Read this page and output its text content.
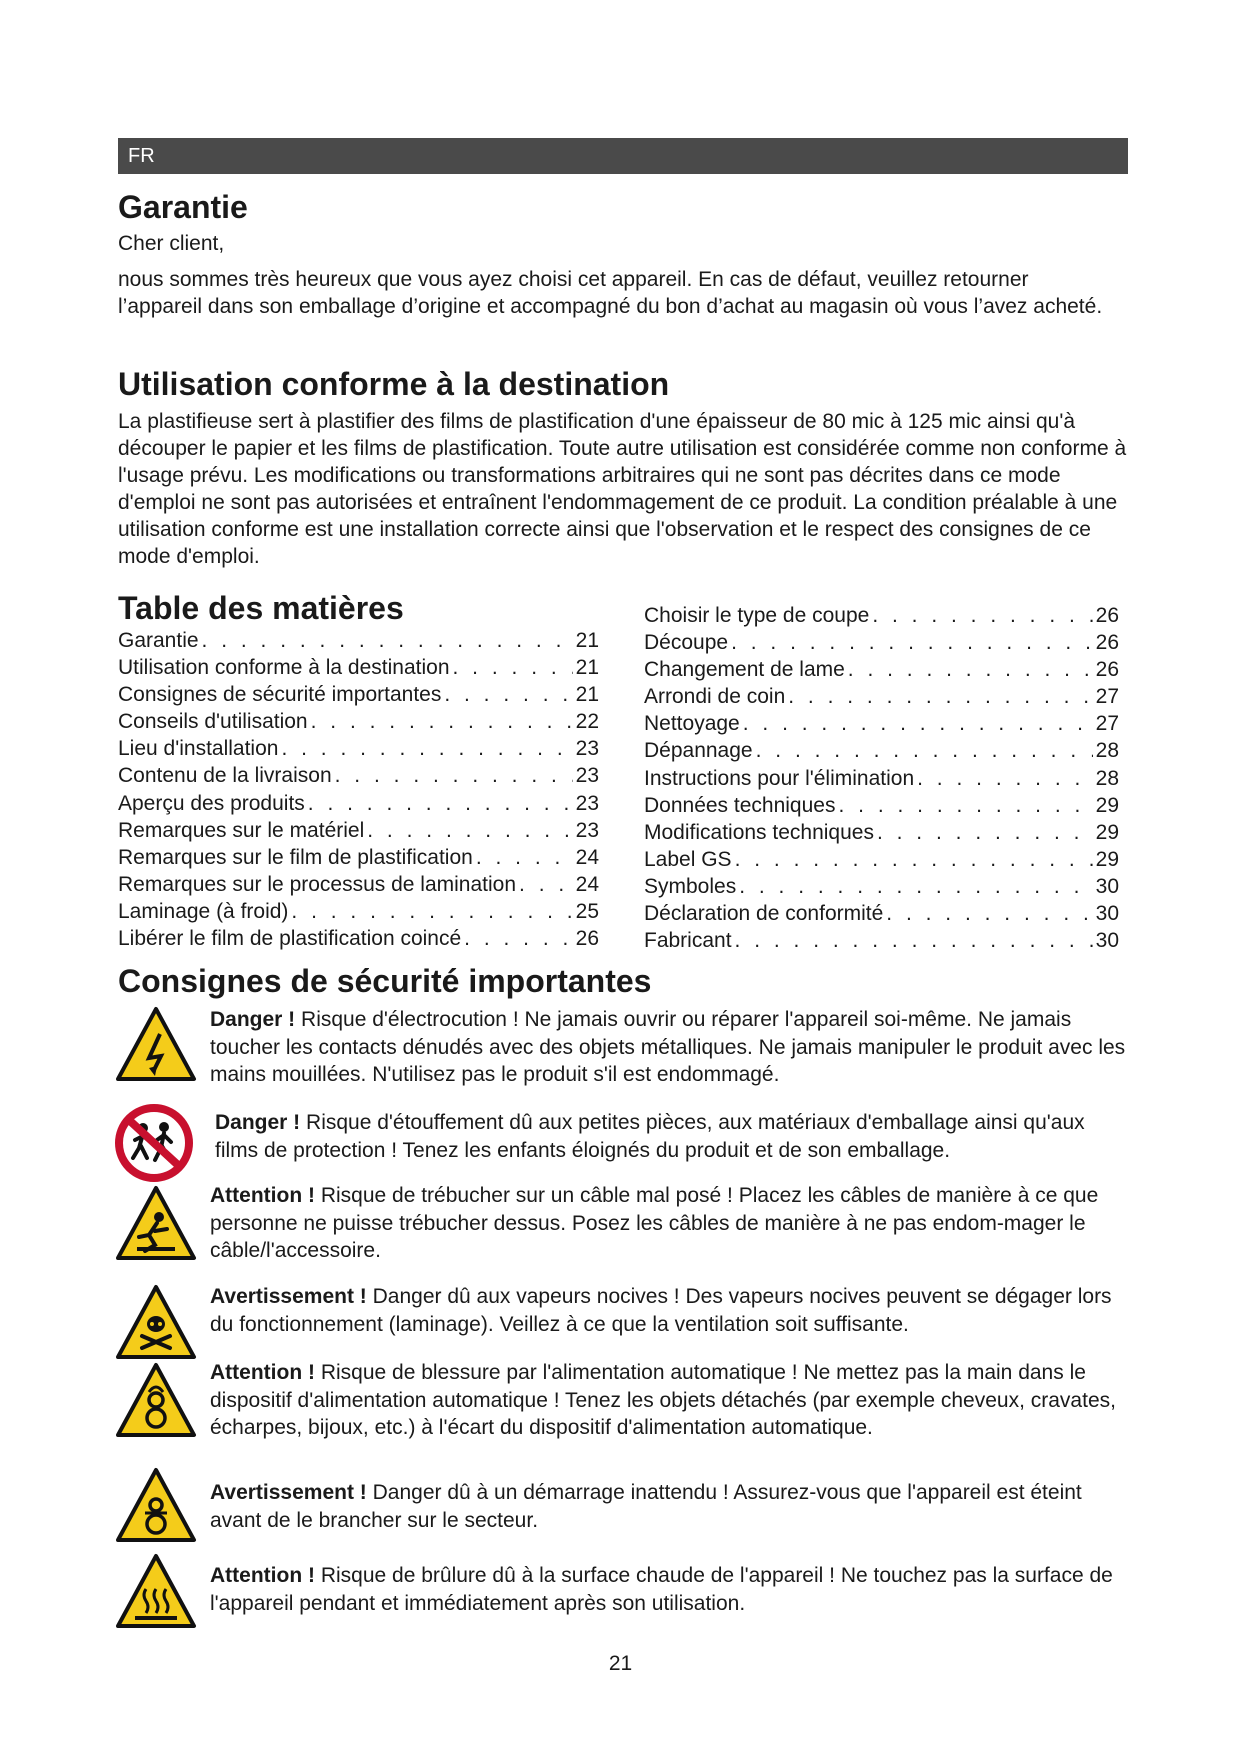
FR
Garantie

Cher client,

nous sommes très heureux que vous ayez choisi cet appareil. En cas de défaut, veuillez retourner l’appareil dans son emballage d’origine et accompagné du bon d’achat au magasin où vous l’avez acheté.

Utilisation conforme à la destination

La plastifieuse sert à plastifier des films de plastification d'une épaisseur de 80 mic à 125 mic ainsi qu'à découper le papier et les films de plastification. Toute autre utilisation est considérée comme non conforme à l'usage prévu. Les modifications ou transformations arbitraires qui ne sont pas décrites dans ce mode d'emploi ne sont pas autorisées et entraînent l'endommagement de ce produit. La condition préalable à une utilisation conforme est une installation correcte ainsi que l'observation et le respect des consignes de ce mode d'emploi.

Table des matières
Garantie . . .	21
Utilisation conforme à la destination . . .	21
Consignes de sécurité importantes . . .	21
Conseils d'utilisation . . .	22
Lieu d'installation . . .	23
Contenu de la livraison . . .	23
Aperçu des produits . . .	23
Remarques sur le matériel . . .	23
Remarques sur le film de plastification . . .	24
Remarques sur le processus de lamination . . .	24
Laminage (à froid) . . .	25
Libérer le film de plastification coincé . . .	26
Choisir le type de coupe . . .	26
Découpe . . .	26
Changement de lame . . .	26
Arrondi de coin . . .	27
Nettoyage . . .	27
Dépannage . . .	28
Instructions pour l'élimination . . .	28
Données techniques . . .	29
Modifications techniques . . .	29
Label GS . . .	29
Symboles . . .	30
Déclaration de conformité . . .	30
Fabricant . . .	30
Consignes de sécurité importantes

Danger ! Risque d'électrocution ! Ne jamais ouvrir ou réparer l'appareil soi-même. Ne jamais toucher les contacts dénudés avec des objets métalliques. Ne jamais manipuler le produit avec les mains mouillées. N'utilisez pas le produit s'il est endommagé.

Danger ! Risque d'étouffement dû aux petites pièces, aux matériaux d'emballage ainsi qu'aux films de protection ! Tenez les enfants éloignés du produit et de son emballage.

Attention ! Risque de trébucher sur un câble mal posé ! Placez les câbles de manière à ce que personne ne puisse trébucher dessus. Posez les câbles de manière à ne pas endom-mager le câble/l'accessoire.

Avertissement ! Danger dû aux vapeurs nocives ! Des vapeurs nocives peuvent se dégager lors du fonctionnement (laminage). Veillez à ce que la ventilation soit suffisante.

Attention ! Risque de blessure par l'alimentation automatique ! Ne mettez pas la main dans le dispositif d'alimentation automatique ! Tenez les objets détachés (par exemple cheveux, cravates, écharpes, bijoux, etc.) à l'écart du dispositif d'alimentation automatique.

Avertissement ! Danger dû à un démarrage inattendu ! Assurez-vous que l'appareil est éteint avant de le brancher sur le secteur.

Attention ! Risque de brûlure dû à la surface chaude de l'appareil ! Ne touchez pas la surface de l'appareil pendant et immédiatement après son utilisation.

21
